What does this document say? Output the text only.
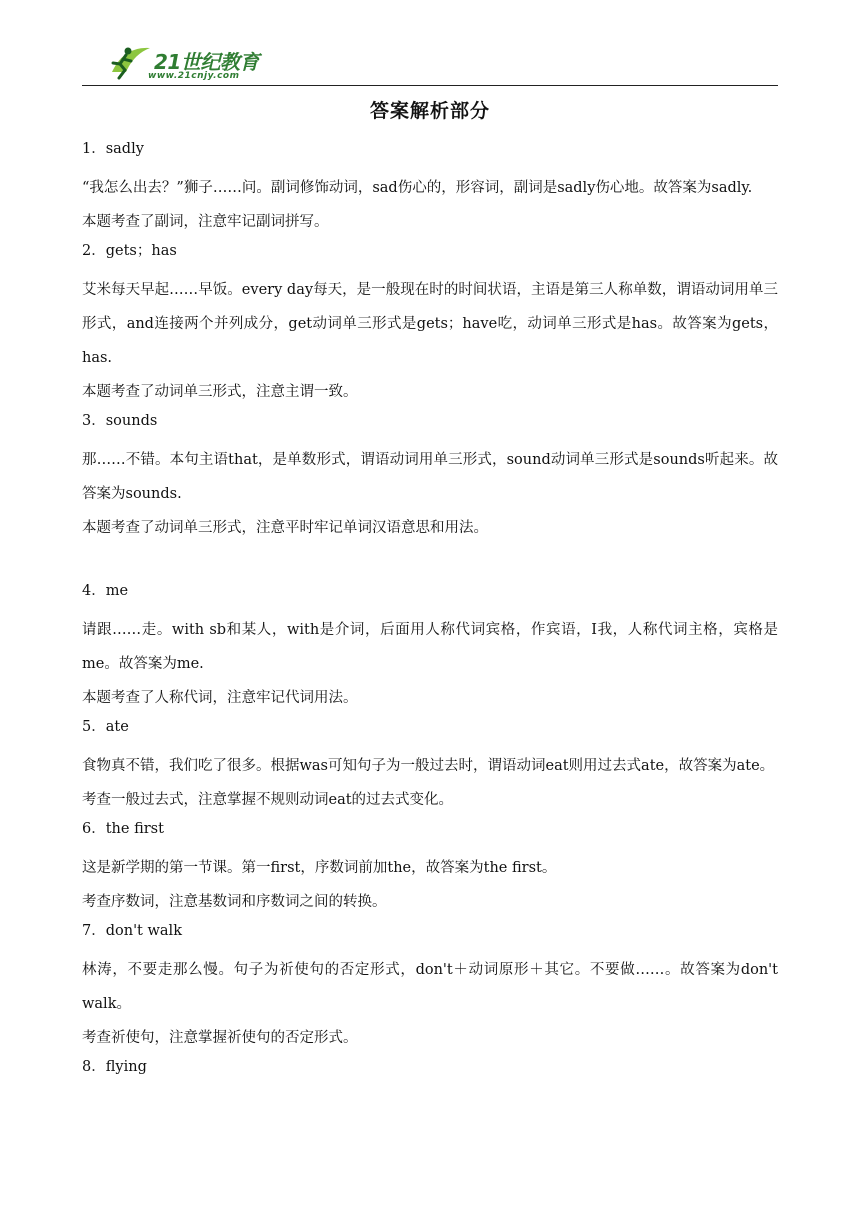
21世纪教育
www.21cnjy.com
答案解析部分
1．sadly
“我怎么出去？”狮子……问。副词修饰动词，sad伤心的，形容词，副词是sadly伤心地。故答案为sadly.
本题考查了副词，注意牢记副词拼写。
2．gets；has
艾米每天早起……早饭。every day每天，是一般现在时的时间状语，主语是第三人称单数，谓语动词用单三形式，and连接两个并列成分，get动词单三形式是gets；have吃，动词单三形式是has。故答案为gets，has.
本题考查了动词单三形式，注意主谓一致。
3．sounds
那……不错。本句主语that，是单数形式，谓语动词用单三形式，sound动词单三形式是sounds听起来。故答案为sounds.
本题考查了动词单三形式，注意平时牢记单词汉语意思和用法。
4．me
请跟……走。with sb和某人，with是介词，后面用人称代词宾格，作宾语，I我，人称代词主格，宾格是me。故答案为me.
本题考查了人称代词，注意牢记代词用法。
5．ate
食物真不错，我们吃了很多。根据was可知句子为一般过去时，谓语动词eat则用过去式ate，故答案为ate。
考查一般过去式，注意掌握不规则动词eat的过去式变化。
6．the first
这是新学期的第一节课。第一first，序数词前加the，故答案为the first。
考查序数词，注意基数词和序数词之间的转换。
7．don't walk
林涛，不要走那么慢。句子为祈使句的否定形式，don't＋动词原形＋其它。不要做……。故答案为don't walk。
考查祈使句，注意掌握祈使句的否定形式。
8．flying
